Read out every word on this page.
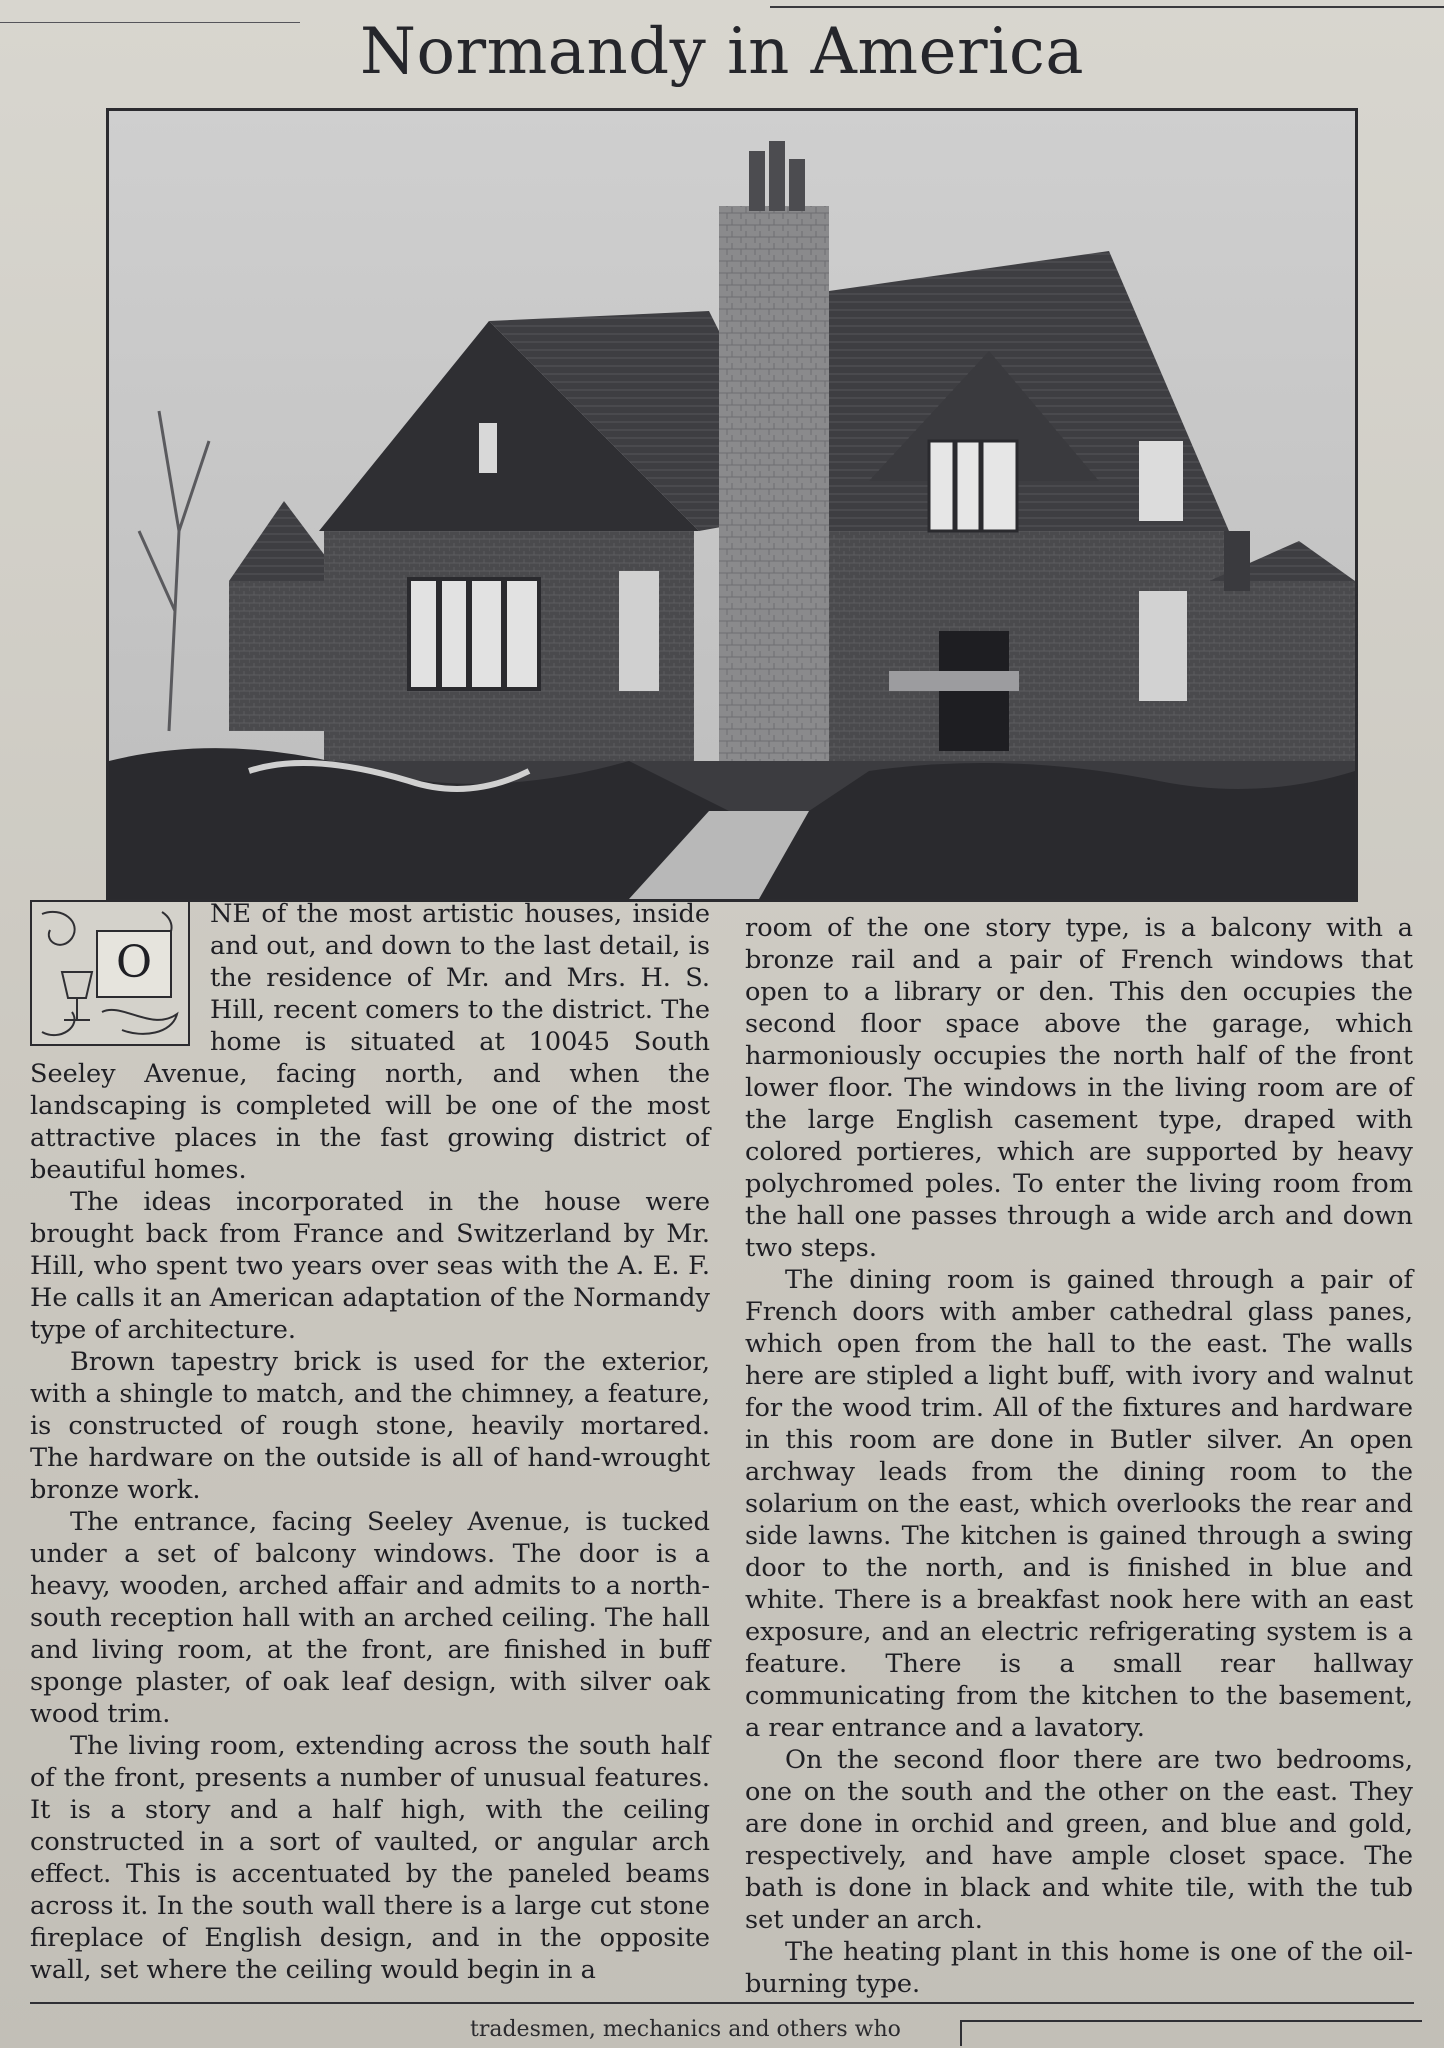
Normandy in America
O

NE of the most artistic houses, inside and out, and down to the last detail, is the residence of Mr. and Mrs. H. S. Hill, recent comers to the district. The home is situated at 10045 South Seeley Avenue, facing north, and when the landscaping is completed will be one of the most attractive places in the fast growing district of beautiful homes.

The ideas incorporated in the house were brought back from France and Switzerland by Mr. Hill, who spent two years over seas with the A. E. F. He calls it an American adaptation of the Normandy type of architecture.

Brown tapestry brick is used for the exterior, with a shingle to match, and the chimney, a feature, is constructed of rough stone, heavily mortared. The hardware on the outside is all of hand-wrought bronze work.

The entrance, facing Seeley Avenue, is tucked under a set of balcony windows. The door is a heavy, wooden, arched affair and admits to a north-south reception hall with an arched ceiling. The hall and living room, at the front, are finished in buff sponge plaster, of oak leaf design, with silver oak wood trim.

The living room, extending across the south half of the front, presents a number of unusual features. It is a story and a half high, with the ceiling constructed in a sort of vaulted, or angular arch effect. This is accentuated by the paneled beams across it. In the south wall there is a large cut stone fireplace of English design, and in the opposite wall, set where the ceiling would begin in a

room of the one story type, is a balcony with a bronze rail and a pair of French windows that open to a library or den. This den occupies the second floor space above the garage, which harmoniously occupies the north half of the front lower floor. The windows in the living room are of the large English casement type, draped with colored portieres, which are supported by heavy polychromed poles. To enter the living room from the hall one passes through a wide arch and down two steps.

The dining room is gained through a pair of French doors with amber cathedral glass panes, which open from the hall to the east. The walls here are stipled a light buff, with ivory and walnut for the wood trim. All of the fixtures and hardware in this room are done in Butler silver. An open archway leads from the dining room to the solarium on the east, which overlooks the rear and side lawns. The kitchen is gained through a swing door to the north, and is finished in blue and white. There is a breakfast nook here with an east exposure, and an electric refrigerating system is a feature. There is a small rear hallway communicating from the kitchen to the basement, a rear entrance and a lavatory.

On the second floor there are two bedrooms, one on the south and the other on the east. They are done in orchid and green, and blue and gold, respectively, and have ample closet space. The bath is done in black and white tile, with the tub set under an arch.

The heating plant in this home is one of the oil-burning type.

tradesmen, mechanics and others who
